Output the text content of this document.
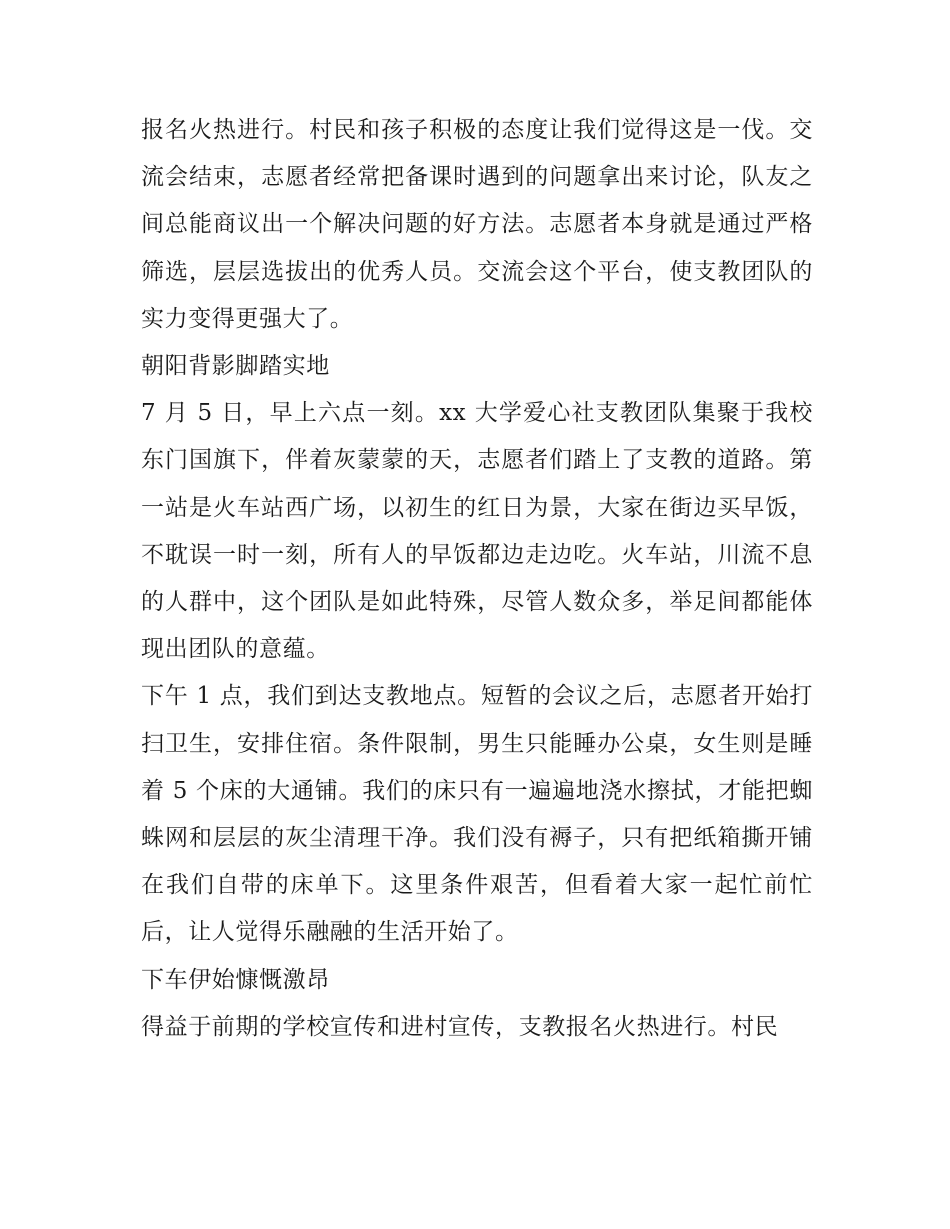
报名火热进行。村民和孩子积极的态度让我们觉得这是一伐。交流会结束，志愿者经常把备课时遇到的问题拿出来讨论，队友之间总能商议出一个解决问题的好方法。志愿者本身就是通过严格筛选，层层选拔出的优秀人员。交流会这个平台，使支教团队的实力变得更强大了。

朝阳背影脚踏实地

7 月 5 日，早上六点一刻。xx 大学爱心社支教团队集聚于我校东门国旗下，伴着灰蒙蒙的天，志愿者们踏上了支教的道路。第一站是火车站西广场，以初生的红日为景，大家在街边买早饭，不耽误一时一刻，所有人的早饭都边走边吃。火车站，川流不息的人群中，这个团队是如此特殊，尽管人数众多，举足间都能体现出团队的意蕴。

下午 1 点，我们到达支教地点。短暂的会议之后，志愿者开始打扫卫生，安排住宿。条件限制，男生只能睡办公桌，女生则是睡着 5 个床的大通铺。我们的床只有一遍遍地浇水擦拭，才能把蜘蛛网和层层的灰尘清理干净。我们没有褥子，只有把纸箱撕开铺在我们自带的床单下。这里条件艰苦，但看着大家一起忙前忙后，让人觉得乐融融的生活开始了。

下车伊始慷慨激昂

得益于前期的学校宣传和进村宣传，支教报名火热进行。村民
